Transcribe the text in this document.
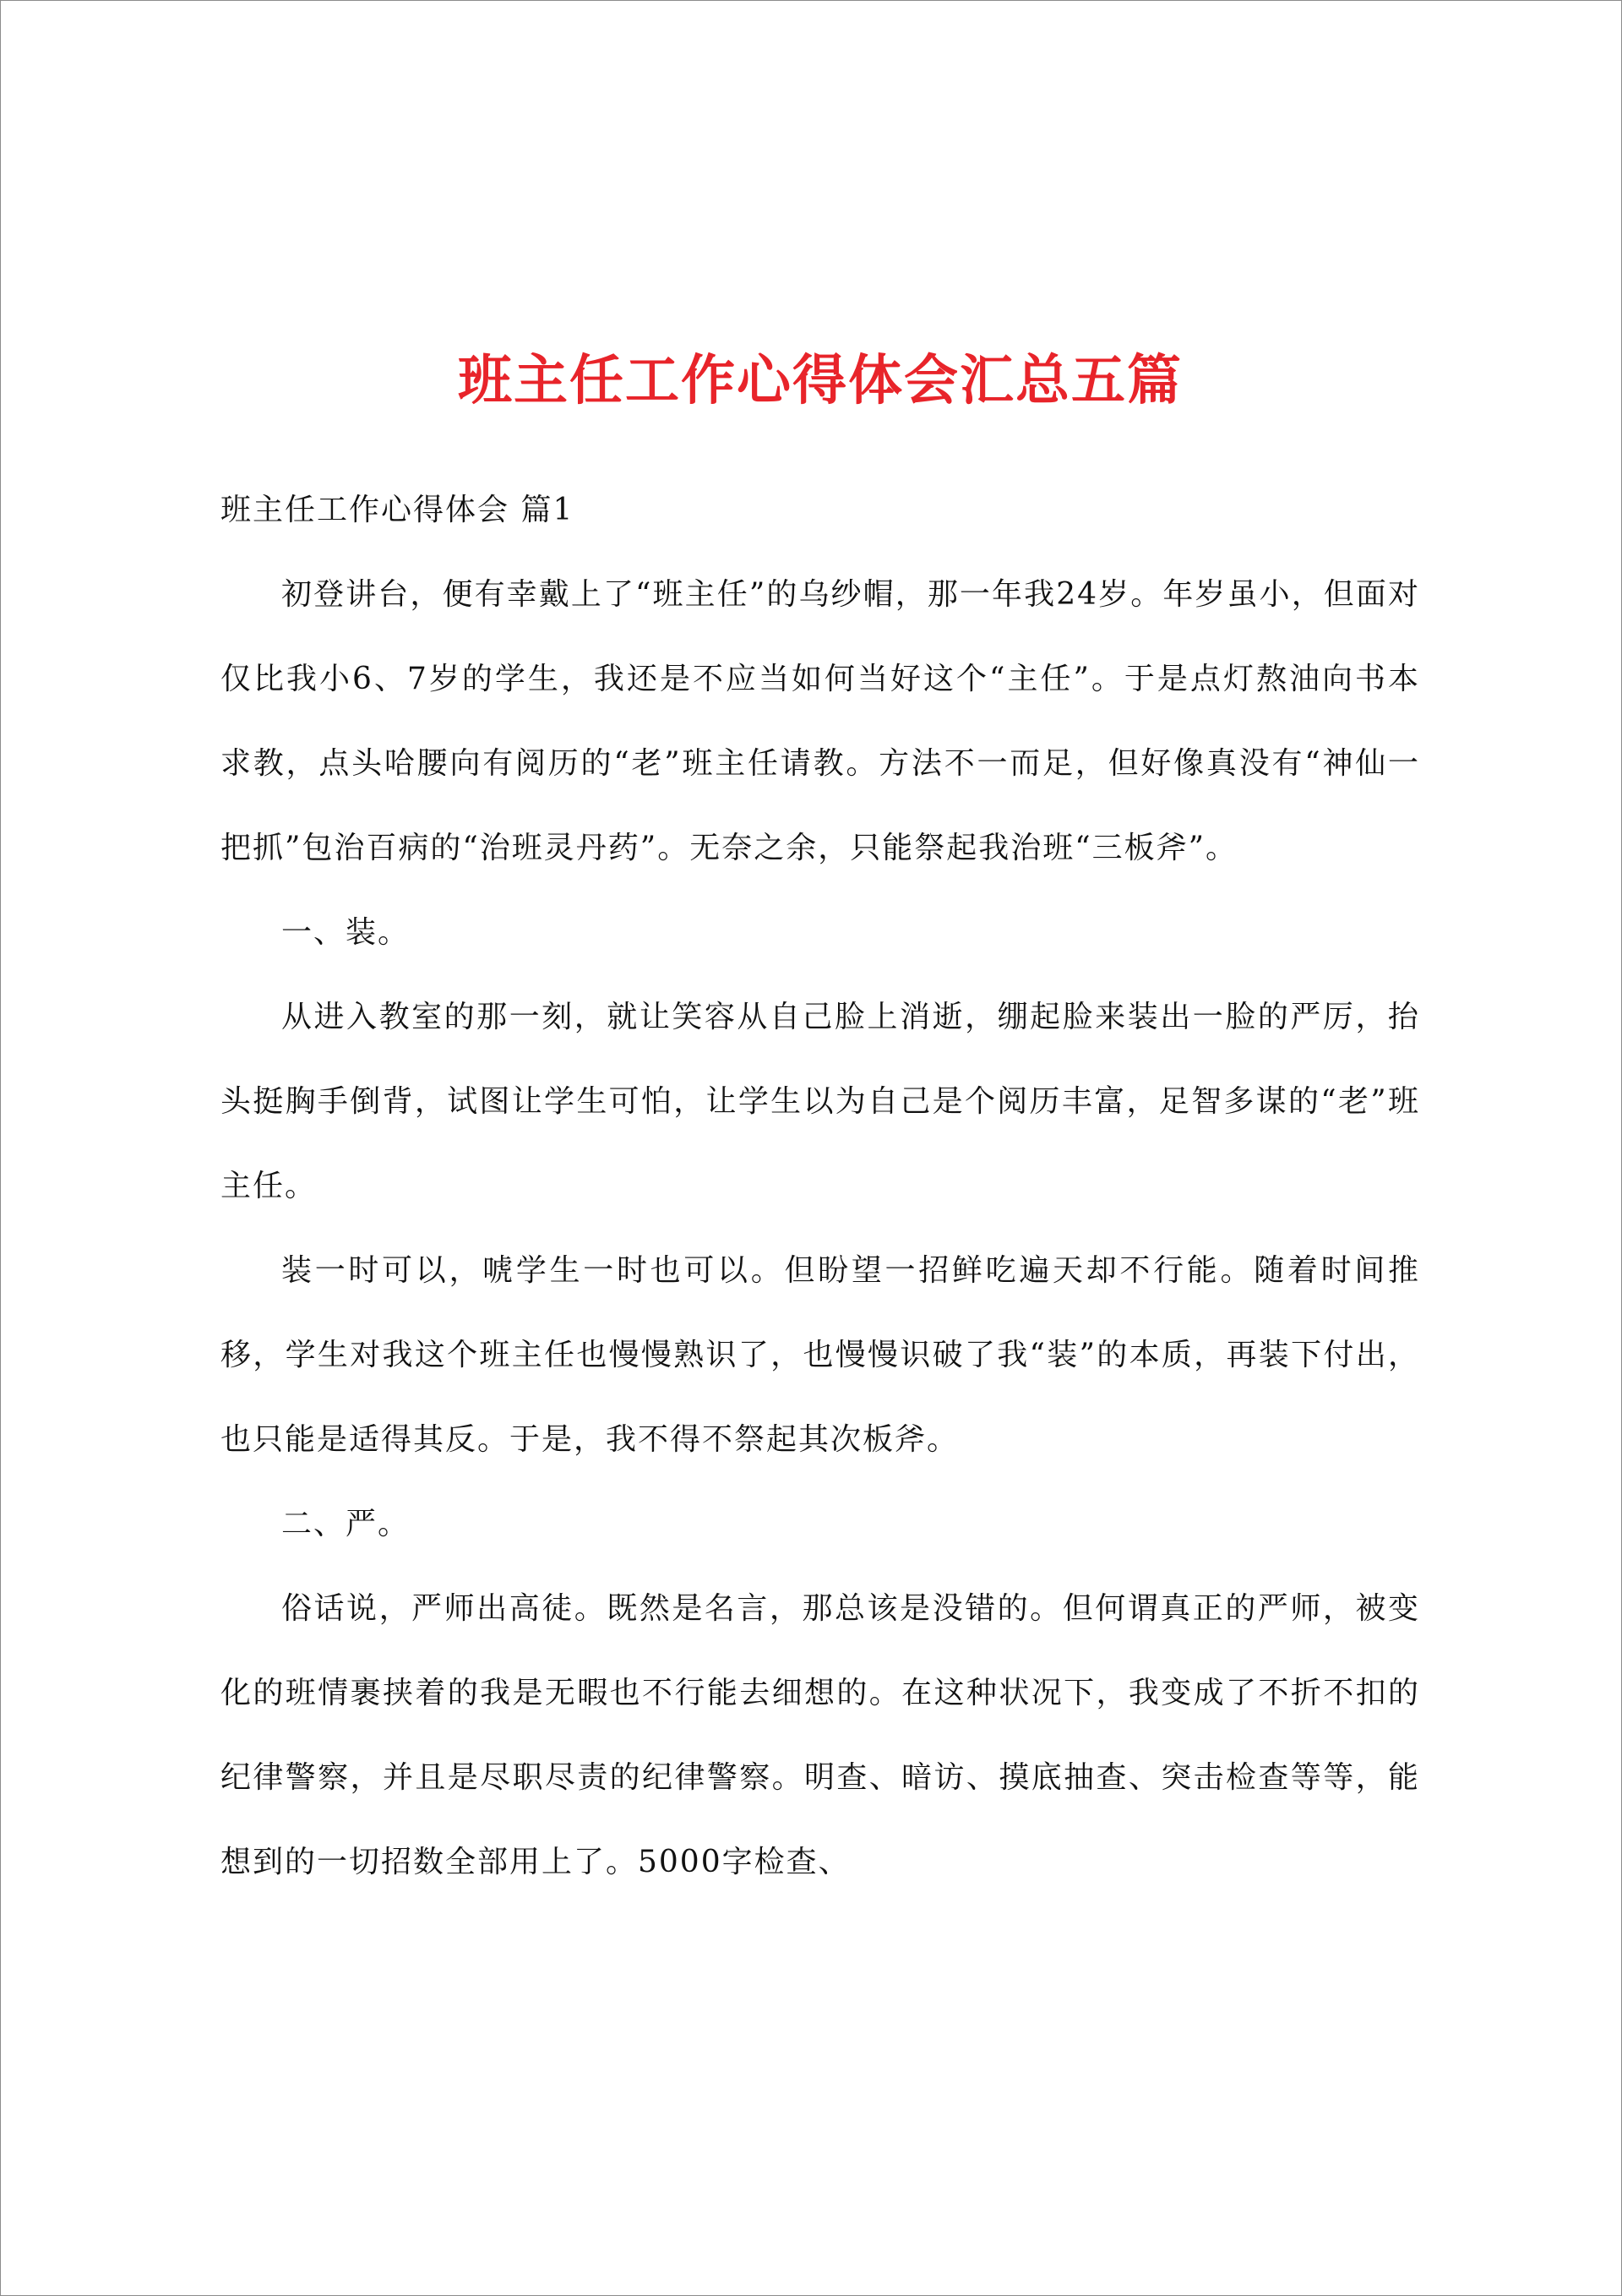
班主任工作心得体会汇总五篇

班主任工作心得体会 篇1

初登讲台，便有幸戴上了“班主任”的乌纱帽，那一年我24岁。年岁虽小，但面对仅比我小6、7岁的学生，我还是不应当如何当好这个“主任”。于是点灯熬油向书本求教，点头哈腰向有阅历的“老”班主任请教。方法不一而足，但好像真没有“神仙一把抓”包治百病的“治班灵丹药”。无奈之余，只能祭起我治班“三板斧”。

一、装。

从进入教室的那一刻，就让笑容从自己脸上消逝，绷起脸来装出一脸的严厉，抬头挺胸手倒背，试图让学生可怕，让学生以为自己是个阅历丰富，足智多谋的“老”班主任。

装一时可以，唬学生一时也可以。但盼望一招鲜吃遍天却不行能。随着时间推移，学生对我这个班主任也慢慢熟识了，也慢慢识破了我“装”的本质，再装下付出，也只能是适得其反。于是，我不得不祭起其次板斧。

二、严。

俗话说，严师出高徒。既然是名言，那总该是没错的。但何谓真正的严师，被变化的班情裹挟着的我是无暇也不行能去细想的。在这种状况下，我变成了不折不扣的纪律警察，并且是尽职尽责的纪律警察。明查、暗访、摸底抽查、突击检查等等，能想到的一切招数全部用上了。5000字检查、
